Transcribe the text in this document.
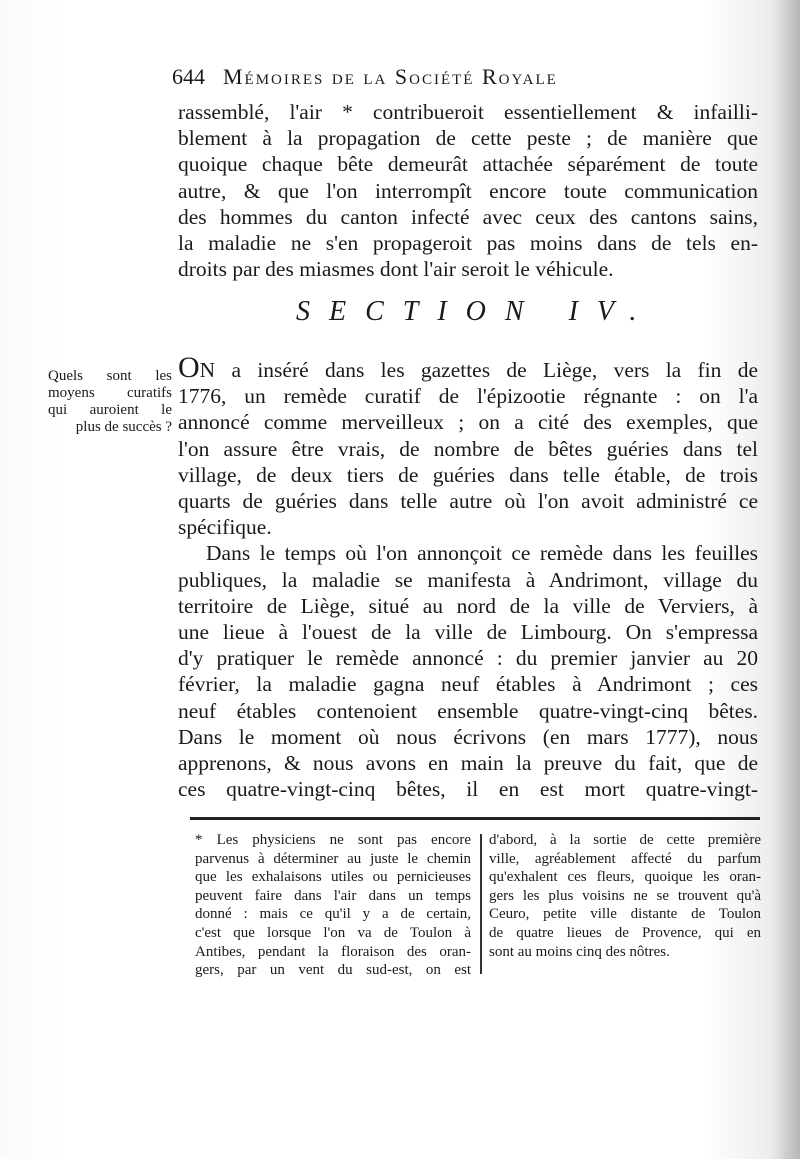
644 Mémoires de la Société Royale
rassemblé, l'air * contribueroit essentiellement & infailli-
blement à la propagation de cette peste ; de manière que
quoique chaque bête demeurât attachée séparément de toute
autre, & que l'on interrompît encore toute communication
des hommes du canton infecté avec ceux des cantons sains,
la maladie ne s'en propageroit pas moins dans de tels en-
droits par des miasmes dont l'air seroit le véhicule.
SECTION IV.
Quels sont les
moyens curatifs
qui auroient le
plus de succès ?
ON a inséré dans les gazettes de Liège, vers la fin de
1776, un remède curatif de l'épizootie régnante : on l'a
annoncé comme merveilleux ; on a cité des exemples, que
l'on assure être vrais, de nombre de bêtes guéries dans tel
village, de deux tiers de guéries dans telle étable, de trois
quarts de guéries dans telle autre où l'on avoit administré ce
spécifique.
Dans le temps où l'on annonçoit ce remède dans les feuilles
publiques, la maladie se manifesta à Andrimont, village du
territoire de Liège, situé au nord de la ville de Verviers, à
une lieue à l'ouest de la ville de Limbourg. On s'empressa
d'y pratiquer le remède annoncé : du premier janvier au 20
février, la maladie gagna neuf étables à Andrimont ; ces
neuf étables contenoient ensemble quatre-vingt-cinq bêtes.
Dans le moment où nous écrivons (en mars 1777), nous
apprenons, & nous avons en main la preuve du fait, que de
ces quatre-vingt-cinq bêtes, il en est mort quatre-vingt-
* Les physiciens ne sont pas encore
parvenus à déterminer au juste le chemin
que les exhalaisons utiles ou pernicieuses
peuvent faire dans l'air dans un temps
donné : mais ce qu'il y a de certain,
c'est que lorsque l'on va de Toulon à
Antibes, pendant la floraison des oran-
gers, par un vent du sud-est, on est
d'abord, à la sortie de cette première
ville, agréablement affecté du parfum
qu'exhalent ces fleurs, quoique les oran-
gers les plus voisins ne se trouvent qu'à
Ceuro, petite ville distante de Toulon
de quatre lieues de Provence, qui en
sont au moins cinq des nôtres.
